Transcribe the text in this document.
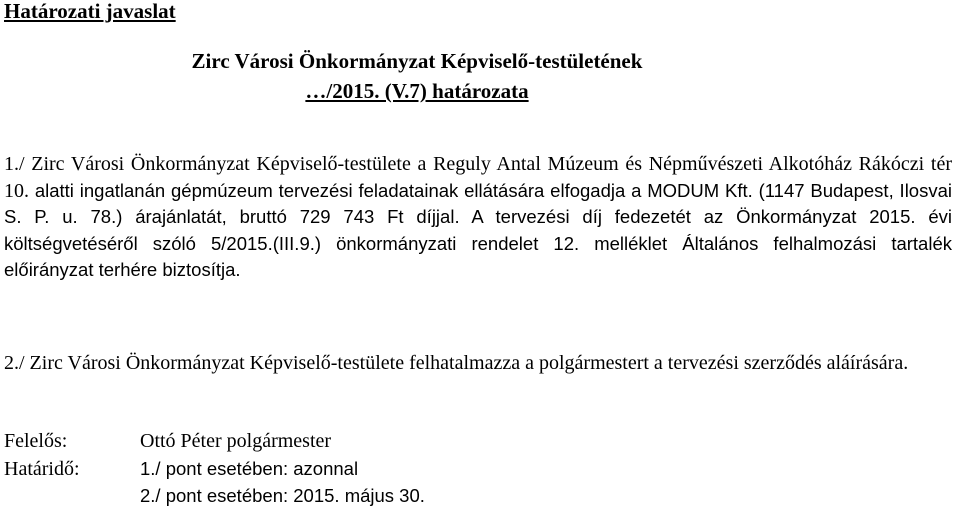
Határozati javaslat
Zirc Városi Önkormányzat Képviselő-testületének
…/2015. (V.7) határozata
1./ Zirc Városi Önkormányzat Képviselő-testülete a Reguly Antal Múzeum és Népművészeti Alkotóház Rákóczi tér 10. alatti ingatlanán gépmúzeum tervezési feladatainak ellátására elfogadja a MODUM Kft. (1147 Budapest, Ilosvai S. P. u. 78.) árajánlatát, bruttó 729 743 Ft díjjal. A tervezési díj fedezetét az Önkormányzat 2015. évi költségvetéséről szóló 5/2015.(III.9.) önkormányzati rendelet 12. melléklet Általános felhalmozási tartalék előirányzat terhére biztosítja.
2./ Zirc Városi Önkormányzat Képviselő-testülete felhatalmazza a polgármestert a tervezési szerződés aláírására.
Felelős:	Ottó Péter polgármester
Határidő:	1./ pont esetében: azonnal
2./ pont esetében: 2015. május 30.
